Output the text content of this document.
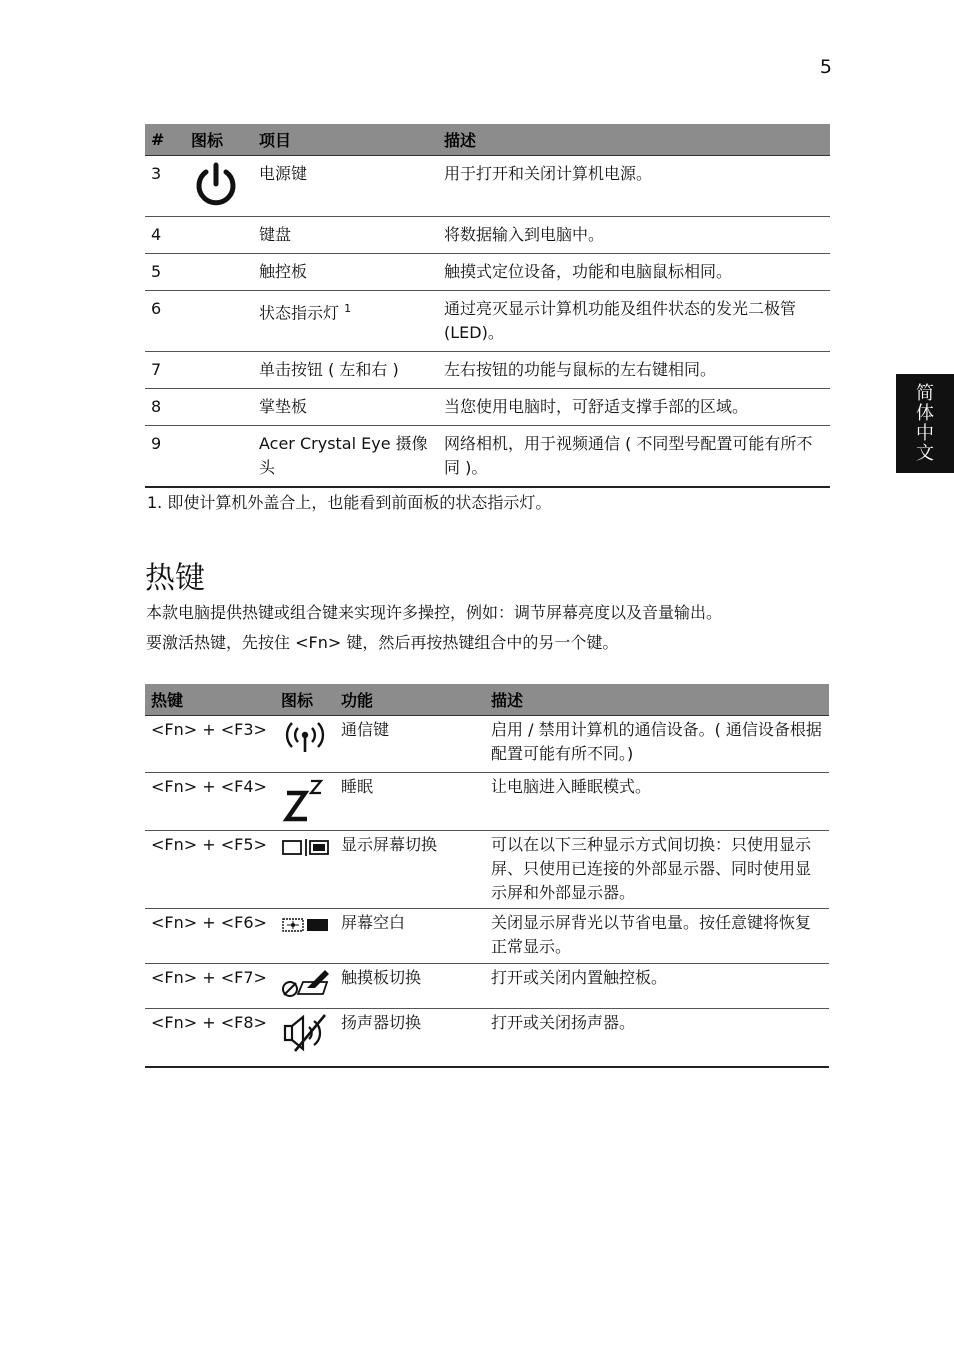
5
简
体
中
文
#	图标	项目	描述
3		电源键	用于打开和关闭计算机电源。
4		键盘	将数据输入到电脑中。
5		触控板	触摸式定位设备，功能和电脑鼠标相同。
6		状态指示灯 $^1$	通过亮灭显示计算机功能及组件状态的发光二极管 (LED)。
7		单击按钮 ( 左和右 )	左右按钮的功能与鼠标的左右键相同。
8		掌垫板	当您使用电脑时，可舒适支撑手部的区域。
9		Acer Crystal Eye 摄像头	网络相机，用于视频通信 ( 不同型号配置可能有所不同 )。
1. 即使计算机外盖合上，也能看到前面板的状态指示灯。
热键
本款电脑提供热键或组合键来实现许多操控，例如：调节屏幕亮度以及音量输出。
要激活热键，先按住 <Fn> 键，然后再按热键组合中的另一个键。
热键	图标	功能	描述
<Fn> + <F3>		通信键	启用 / 禁用计算机的通信设备。( 通信设备根据配置可能有所不同。)
<Fn> + <F4>		睡眠	让电脑进入睡眠模式。
<Fn> + <F5>		显示屏幕切换	可以在以下三种显示方式间切换：只使用显示屏、只使用已连接的外部显示器、同时使用显示屏和外部显示器。
<Fn> + <F6>		屏幕空白	关闭显示屏背光以节省电量。按任意键将恢复正常显示。
<Fn> + <F7>		触摸板切换	打开或关闭内置触控板。
<Fn> + <F8>		扬声器切换	打开或关闭扬声器。
